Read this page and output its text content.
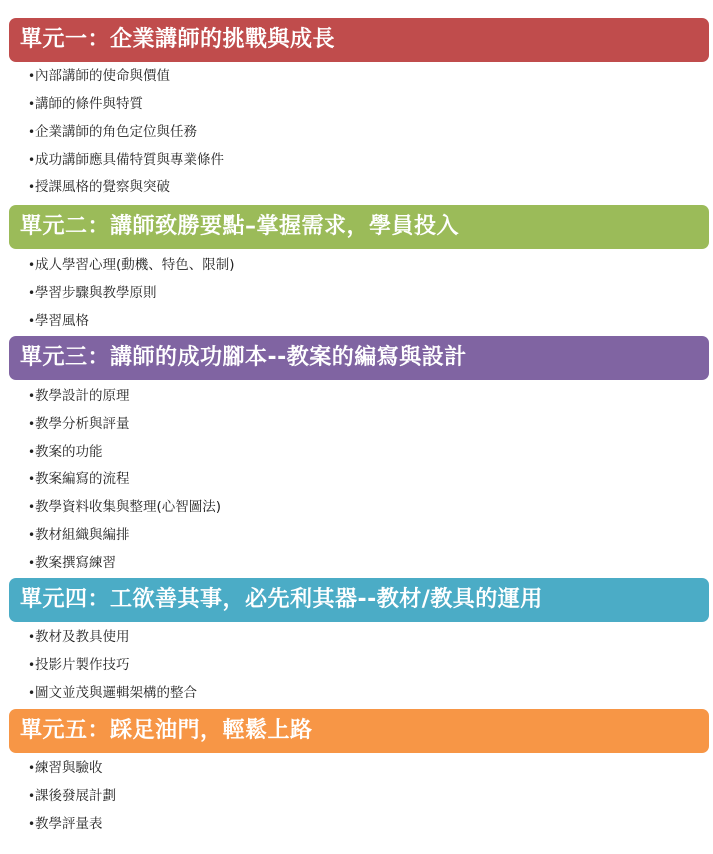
單元一：企業講師的挑戰與成長
•內部講師的使命與價值
•講師的條件與特質
•企業講師的角色定位與任務
•成功講師應具備特質與專業條件
•授課風格的覺察與突破
單元二：講師致勝要點–掌握需求，學員投入
•成人學習心理(動機、特色、限制)
•學習步驟與教學原則
•學習風格
單元三：講師的成功腳本--教案的編寫與設計
•教學設計的原理
•教學分析與評量
•教案的功能
•教案編寫的流程
•教學資料收集與整理(心智圖法)
•教材組織與編排
•教案撰寫練習
單元四：工欲善其事，必先利其器--教材/教具的運用
•教材及教具使用
•投影片製作技巧
•圖文並茂與邏輯架構的整合
單元五：踩足油門，輕鬆上路
•練習與驗收
•課後發展計劃
•教學評量表
